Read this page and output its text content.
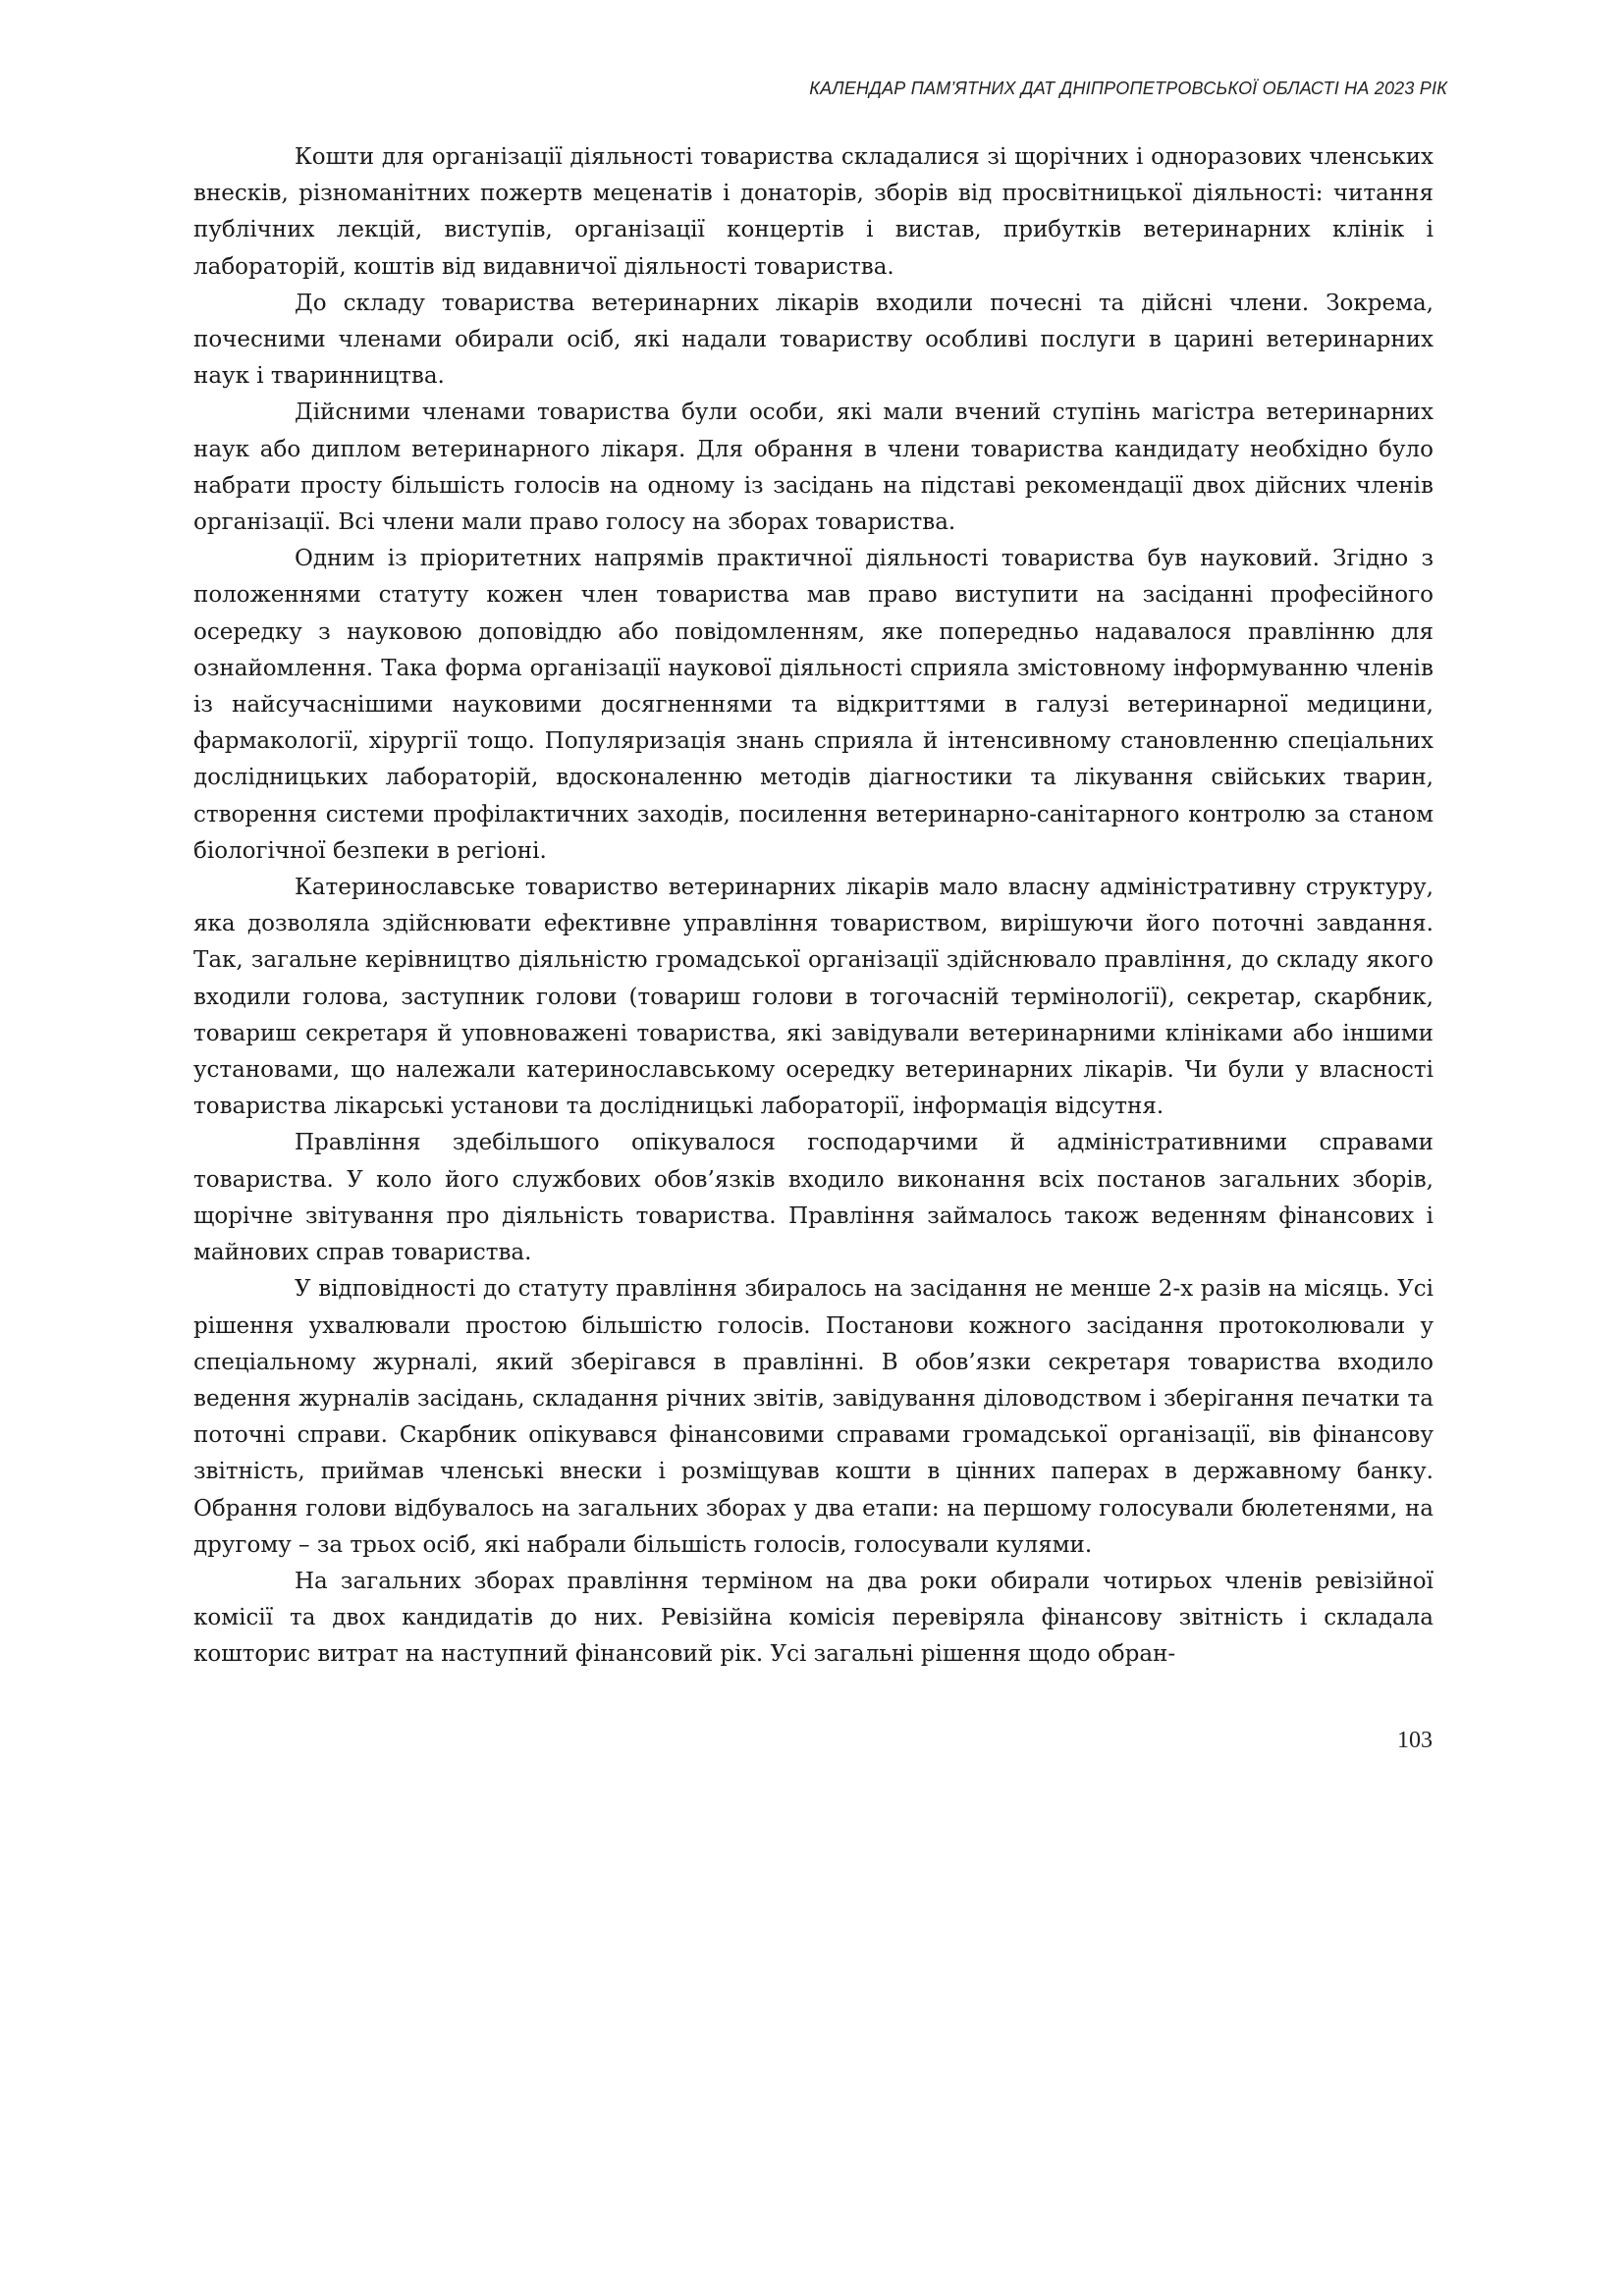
КАЛЕНДАР ПАМ’ЯТНИХ ДАТ ДНІПРОПЕТРОВСЬКОЇ ОБЛАСТІ НА 2023 РІК

Кошти для організації діяльності товариства складалися зі щорічних і одноразових членських внесків, різноманітних пожертв меценатів і донаторів, зборів від просвітницької діяльності: читання публічних лекцій, виступів, організації концертів і вистав, прибутків ветеринарних клінік і лабораторій, коштів від видавничої діяльності товариства.

До складу товариства ветеринарних лікарів входили почесні та дійсні члени. Зокрема, почесними членами обирали осіб, які надали товариству особливі послуги в царині ветеринарних наук і тваринництва.

Дійсними членами товариства були особи, які мали вчений ступінь магістра ветеринарних наук або диплом ветеринарного лікаря. Для обрання в члени товариства кандидату необхідно було набрати просту більшість голосів на одному із засідань на підставі рекомендації двох дійсних членів організації. Всі члени мали право голосу на зборах товариства.

Одним із пріоритетних напрямів практичної діяльності товариства був науковий. Згідно з положеннями статуту кожен член товариства мав право виступити на засіданні професійного осередку з науковою доповіддю або повідомленням, яке попередньо надавалося правлінню для ознайомлення. Така форма організації наукової діяльності сприяла змістовному інформуванню членів із найсучаснішими науковими досягненнями та відкриттями в галузі ветеринарної медицини, фармакології, хірургії тощо. Популяризація знань сприяла й інтенсивному становленню спеціальних дослідницьких лабораторій, вдосконаленню методів діагностики та лікування свійських тварин, створення системи профілактичних заходів, посилення ветеринарно-санітарного контролю за станом біологічної безпеки в регіоні.

Катеринославське товариство ветеринарних лікарів мало власну адміністративну структуру, яка дозволяла здійснювати ефективне управління товариством, вирішуючи його поточні завдання. Так, загальне керівництво діяльністю громадської організації здійснювало правління, до складу якого входили голова, заступник голови (товариш голови в тогочасній термінології), секретар, скарбник, товариш секретаря й уповноважені товариства, які завідували ветеринарними клініками або іншими установами, що належали катеринославському осередку ветеринарних лікарів. Чи були у власності товариства лікарські установи та дослідницькі лабораторії, інформація відсутня.

Правління здебільшого опікувалося господарчими й адміністративними справами товариства. У коло його службових обов’язків входило виконання всіх постанов загальних зборів, щорічне звітування про діяльність товариства. Правління займалось також веденням фінансових і майнових справ товариства.

У відповідності до статуту правління збиралось на засідання не менше 2-х разів на місяць. Усі рішення ухвалювали простою більшістю голосів. Постанови кожного засідання протоколювали у спеціальному журналі, який зберігався в правлінні. В обов’язки секретаря товариства входило ведення журналів засідань, складання річних звітів, завідування діловодством і зберігання печатки та поточні справи. Скарбник опікувався фінансовими справами громадської організації, вів фінансову звітність, приймав членські внески і розміщував кошти в цінних паперах в державному банку. Обрання голови відбувалось на загальних зборах у два етапи: на першому голосували бюлетенями, на другому – за трьох осіб, які набрали більшість голосів, голосували кулями.

На загальних зборах правління терміном на два роки обирали чотирьох членів ревізійної комісії та двох кандидатів до них. Ревізійна комісія перевіряла фінансову звітність і складала кошторис витрат на наступний фінансовий рік. Усі загальні рішення щодо обран-

103
